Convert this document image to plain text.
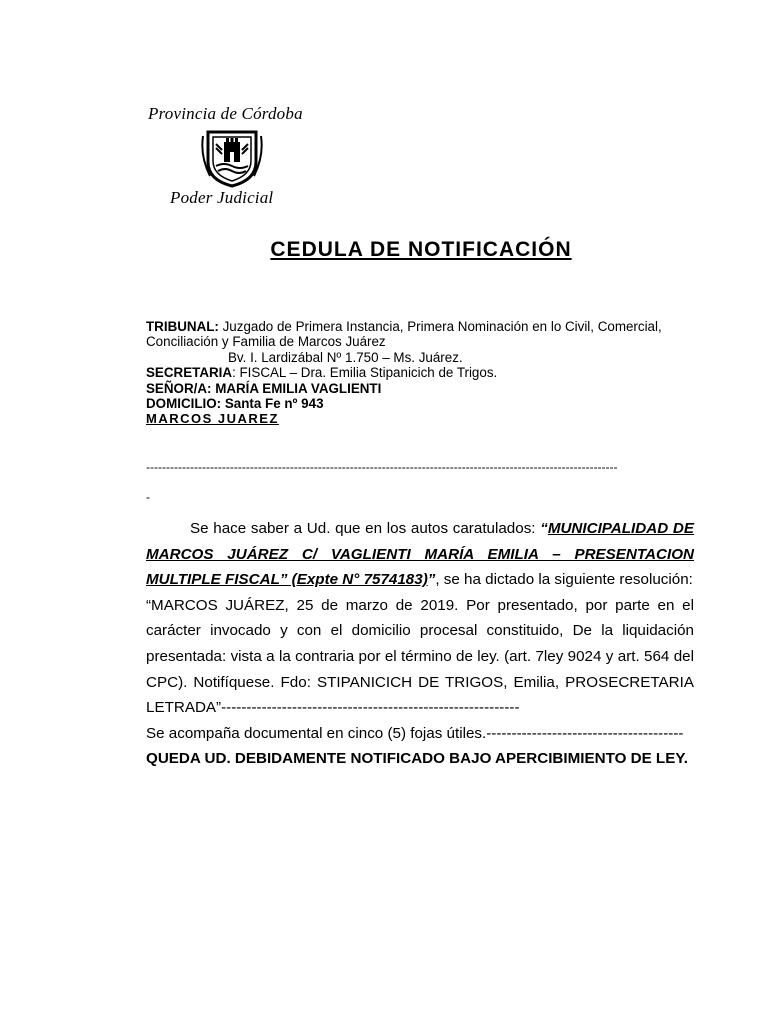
Provincia de Córdoba
Poder Judicial
CEDULA DE NOTIFICACIÓN
TRIBUNAL: Juzgado de Primera Instancia, Primera Nominación en lo Civil, Comercial, Conciliación y Familia de Marcos Juárez
Bv. I. Lardizábal Nº 1.750 – Ms. Juárez.
SECRETARIA: FISCAL – Dra. Emilia Stipanicich de Trigos.
SEÑOR/A: MARÍA EMILIA VAGLIENTI
DOMICILIO: Santa Fe nº 943
MARCOS JUAREZ
----------------------------------------------------------------------------------------------------------------------
-

Se hace saber a Ud. que en los autos caratulados: “MUNICIPALIDAD DE MARCOS JUÁREZ C/ VAGLIENTI MARÍA EMILIA – PRESENTACION MULTIPLE FISCAL” (Expte N° 7574183)”, se ha dictado la siguiente resolución:

“MARCOS JUÁREZ, 25 de marzo de 2019. Por presentado, por parte en el carácter invocado y con el domicilio procesal constituido, De la liquidación presentada: vista a la contraria por el término de ley. (art. 7ley 9024 y art. 564 del CPC). Notifíquese. Fdo: STIPANICICH DE TRIGOS, Emilia, PROSECRETARIA LETRADA”-----------------------------------------------------------

Se acompaña documental en cinco (5) fojas útiles.---------------------------------------

QUEDA UD. DEBIDAMENTE NOTIFICADO BAJO APERCIBIMIENTO DE LEY.
